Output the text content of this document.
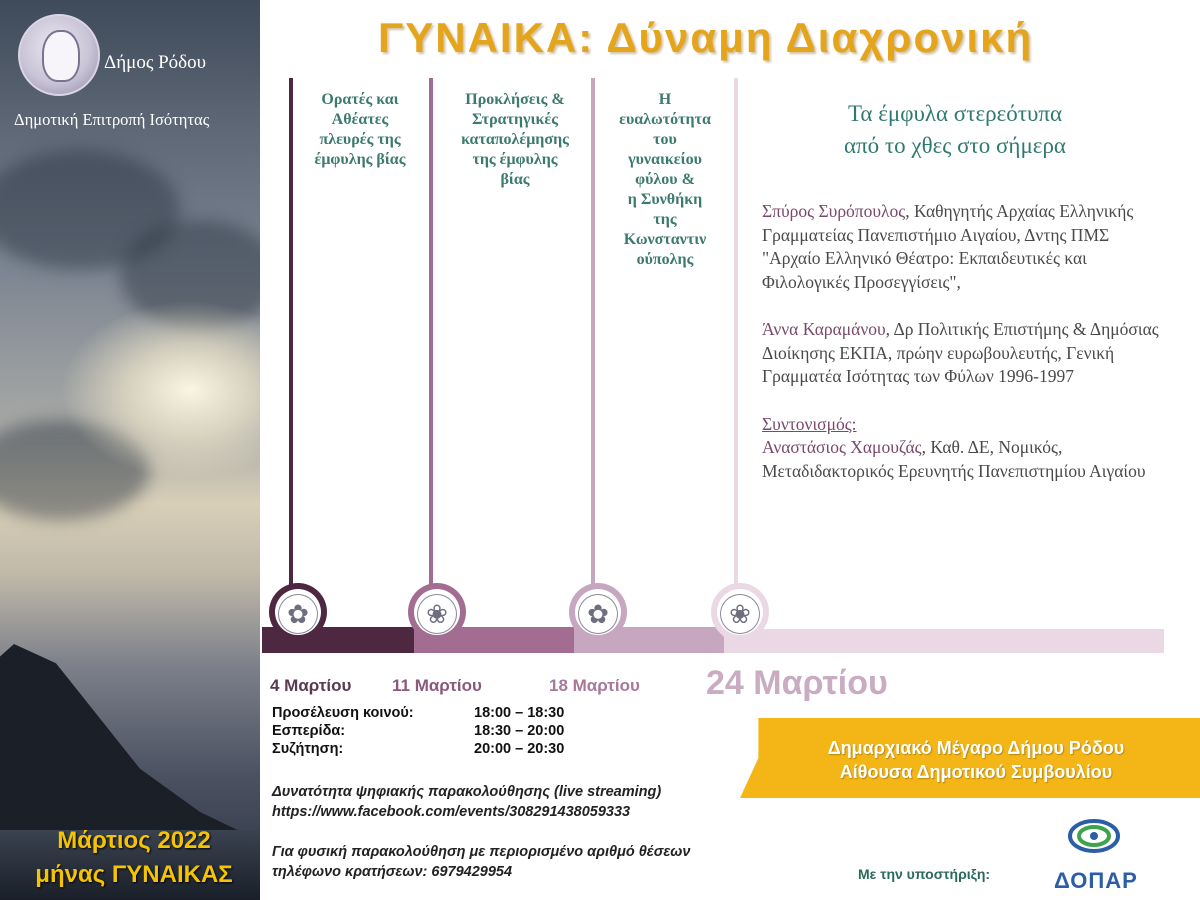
Δήμος Ρόδου
Δημοτική Επιτροπή Ισότητας
Μάρτιος 2022
μήνας ΓΥΝΑΙΚΑΣ
ΓΥΝΑΙΚΑ: Δύναμη Διαχρονική
Ορατές και
Αθέατες
πλευρές της
έμφυλης βίας
Προκλήσεις &
Στρατηγικές
καταπολέμησης
της έμφυλης
βίας
Η
ευαλωτότητα
του
γυναικείου
φύλου &
η Συνθήκη
της
Κωνσταντιν
ούπολης
✿	❀	✿	❀
4 Μαρτίου 11 Μαρτίου	18 Μαρτίου 24 Μαρτίου
Τα έμφυλα στερεότυπα
από το χθες στο σήμερα
Σπύρος Συρόπουλος, Καθηγητής Αρχαίας Ελληνικής Γραμματείας Πανεπιστήμιο Αιγαίου, Δντης ΠΜΣ "Αρχαίο Ελληνικό Θέατρο: Εκπαιδευτικές και Φιλολογικές Προσεγγίσεις",
Άννα Καραμάνου, Δρ Πολιτικής Επιστήμης & Δημόσιας Διοίκησης ΕΚΠΑ, πρώην ευρωβουλευτής, Γενική Γραμματέα Ισότητας των Φύλων 1996-1997
Συντονισμός:
Αναστάσιος Χαμουζάς, Καθ. ΔΕ, Νομικός, Μεταδιδακτορικός Ερευνητής Πανεπιστημίου Αιγαίου
Προσέλευση κοινού:	18:00 – 18:30
Εσπερίδα:	18:30 – 20:00
Συζήτηση:	20:00 – 20:30
Δυνατότητα ψηφιακής παρακολούθησης (live streaming)
https://www.facebook.com/events/308291438059333
Για φυσική παρακολούθηση με περιορισμένο αριθμό θέσεων
τηλέφωνο κρατήσεων: 6979429954
Δημαρχιακό Μέγαρο Δήμου Ρόδου
Αίθουσα Δημοτικού Συμβουλίου
Με την υποστήριξη:	ΔΟΠΑΡ
